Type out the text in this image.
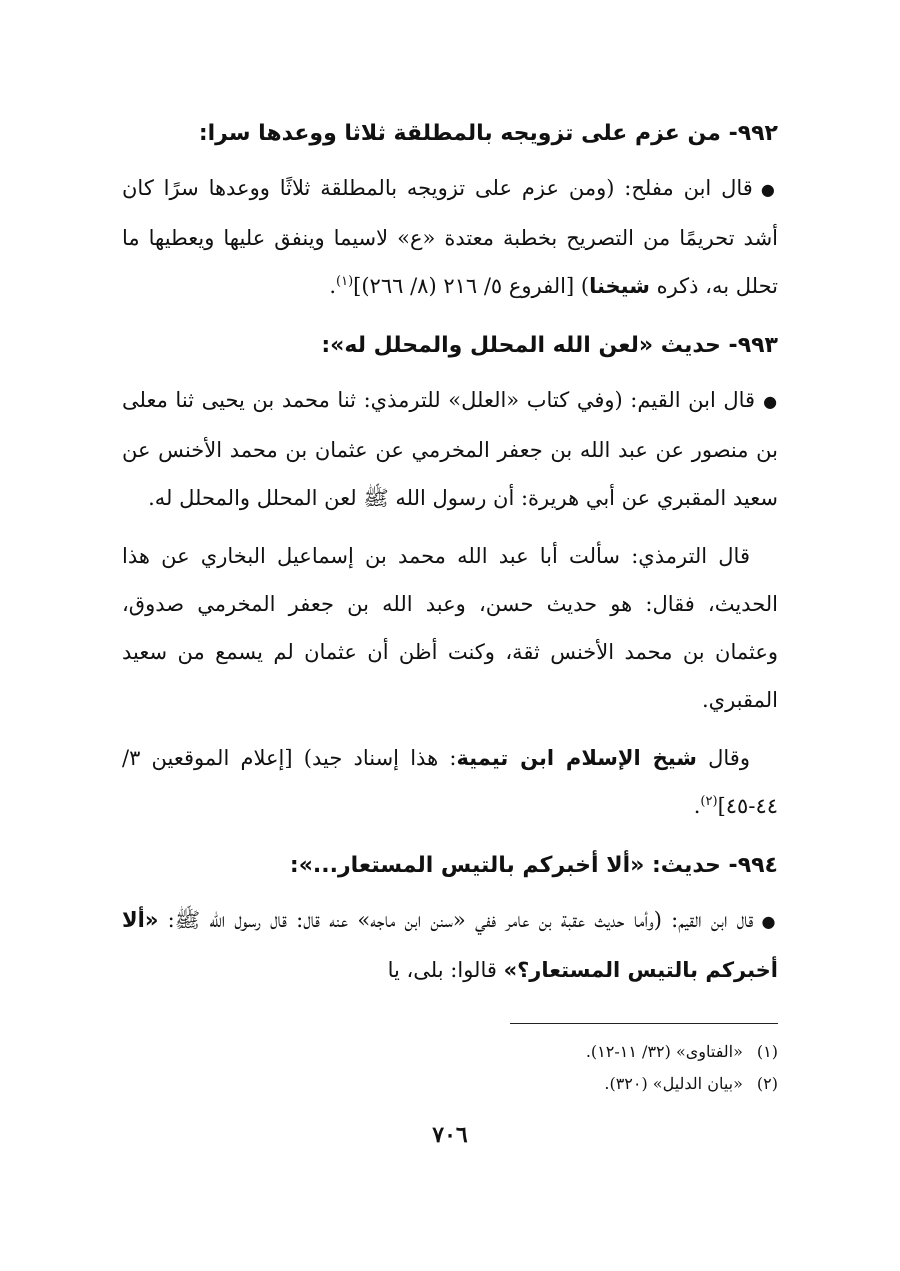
٩٩٢- من عزم على تزويجه بالمطلقة ثلاثا ووعدها سرا:

●قال ابن مفلح: (ومن عزم على تزويجه بالمطلقة ثلاثًا ووعدها سرًا كان أشد تحريمًا من التصريح بخطبة معتدة «ع» لاسيما وينفق عليها ويعطيها ما تحلل به، ذكره شيخنا) [الفروع ٥/ ٢١٦ (٨/ ٢٦٦)]$^{(١)}$.

٩٩٣- حديث «لعن الله المحلل والمحلل له»:

●قال ابن القيم: (وفي كتاب «العلل» للترمذي: ثنا محمد بن يحيى ثنا معلى بن منصور عن عبد الله بن جعفر المخرمي عن عثمان بن محمد الأخنس عن سعيد المقبري عن أبي هريرة: أن رسول الله ﷺ لعن المحلل والمحلل له.

قال الترمذي: سألت أبا عبد الله محمد بن إسماعيل البخاري عن هذا الحديث، فقال: هو حديث حسن، وعبد الله بن جعفر المخرمي صدوق، وعثمان بن محمد الأخنس ثقة، وكنت أظن أن عثمان لم يسمع من سعيد المقبري.

وقال شيخ الإسلام ابن تيمية: هذا إسناد جيد) [إعلام الموقعين ٣/ ٤٤-٤٥]$^{(٢)}$.

٩٩٤- حديث: «ألا أخبركم بالتيس المستعار...»:

●قال ابن القيم: (وأما حديث عقبة بن عامر ففي «سنن ابن ماجه» عنه قال: قال رسول الله ﷺ: «ألا أخبركم بالتيس المستعار؟» قالوا: بلى، يا

(١)«الفتاوى» (٣٢/ ١١-١٢).

(٢)«بيان الدليل» (٣٢٠).

٧٠٦
